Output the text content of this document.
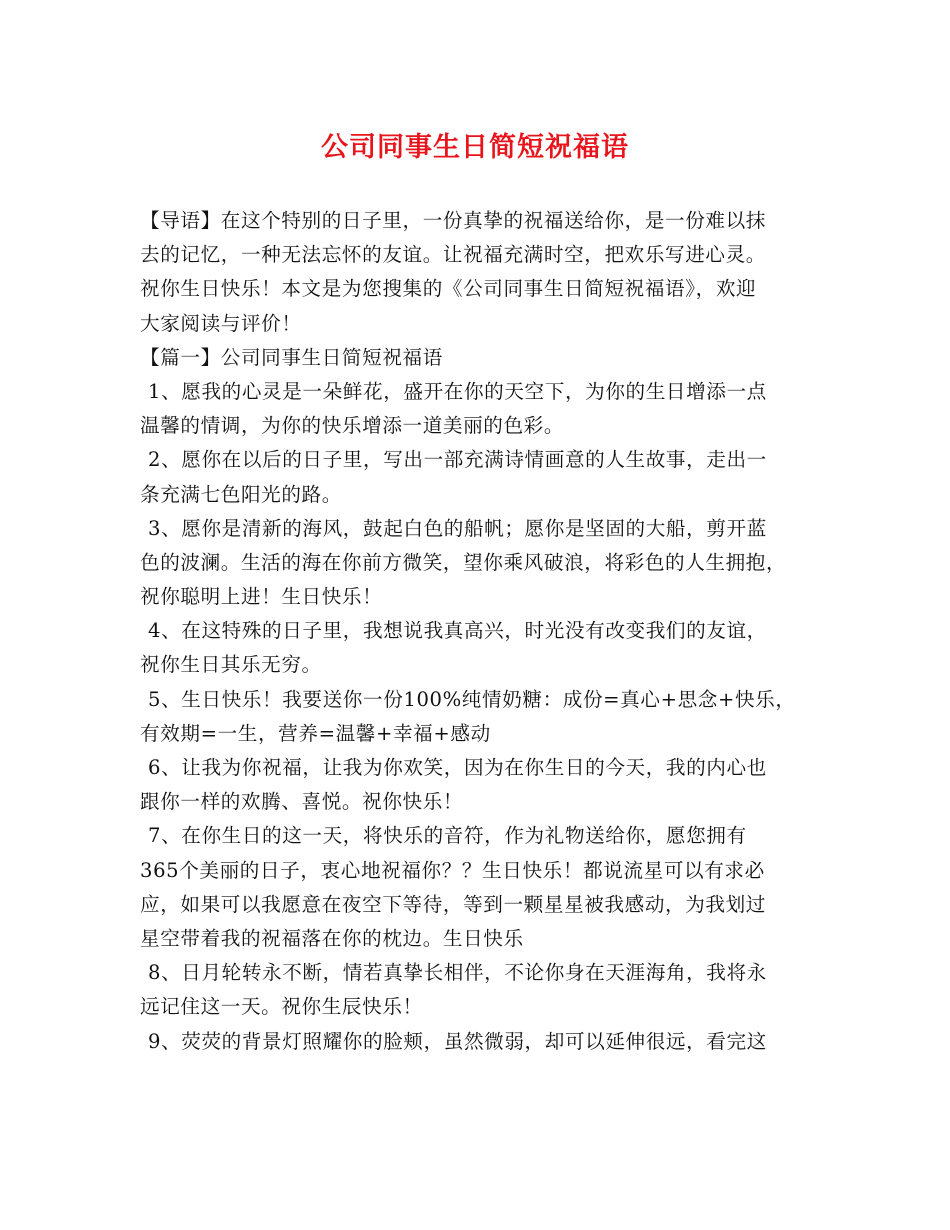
公司同事生日简短祝福语
【导语】在这个特别的日子里，一份真挚的祝福送给你，是一份难以抹
去的记忆，一种无法忘怀的友谊。让祝福充满时空，把欢乐写进心灵。
祝你生日快乐！本文是为您搜集的《公司同事生日简短祝福语》，欢迎
大家阅读与评价！
【篇一】公司同事生日简短祝福语
1、愿我的心灵是一朵鲜花，盛开在你的天空下，为你的生日增添一点
温馨的情调，为你的快乐增添一道美丽的色彩。
2、愿你在以后的日子里，写出一部充满诗情画意的人生故事，走出一
条充满七色阳光的路。
3、愿你是清新的海风，鼓起白色的船帆；愿你是坚固的大船，剪开蓝
色的波澜。生活的海在你前方微笑，望你乘风破浪，将彩色的人生拥抱，
祝你聪明上进！生日快乐！
4、在这特殊的日子里，我想说我真高兴，时光没有改变我们的友谊，
祝你生日其乐无穷。
5、生日快乐！我要送你一份100%纯情奶糖：成份=真心+思念+快乐，
有效期=一生，营养=温馨+幸福+感动
6、让我为你祝福，让我为你欢笑，因为在你生日的今天，我的内心也
跟你一样的欢腾、喜悦。祝你快乐！
7、在你生日的这一天，将快乐的音符，作为礼物送给你，愿您拥有
365个美丽的日子，衷心地祝福你？？生日快乐！都说流星可以有求必
应，如果可以我愿意在夜空下等待，等到一颗星星被我感动，为我划过
星空带着我的祝福落在你的枕边。生日快乐
8、日月轮转永不断，情若真挚长相伴，不论你身在天涯海角，我将永
远记住这一天。祝你生辰快乐！
9、荧荧的背景灯照耀你的脸颊，虽然微弱，却可以延伸很远，看完这
